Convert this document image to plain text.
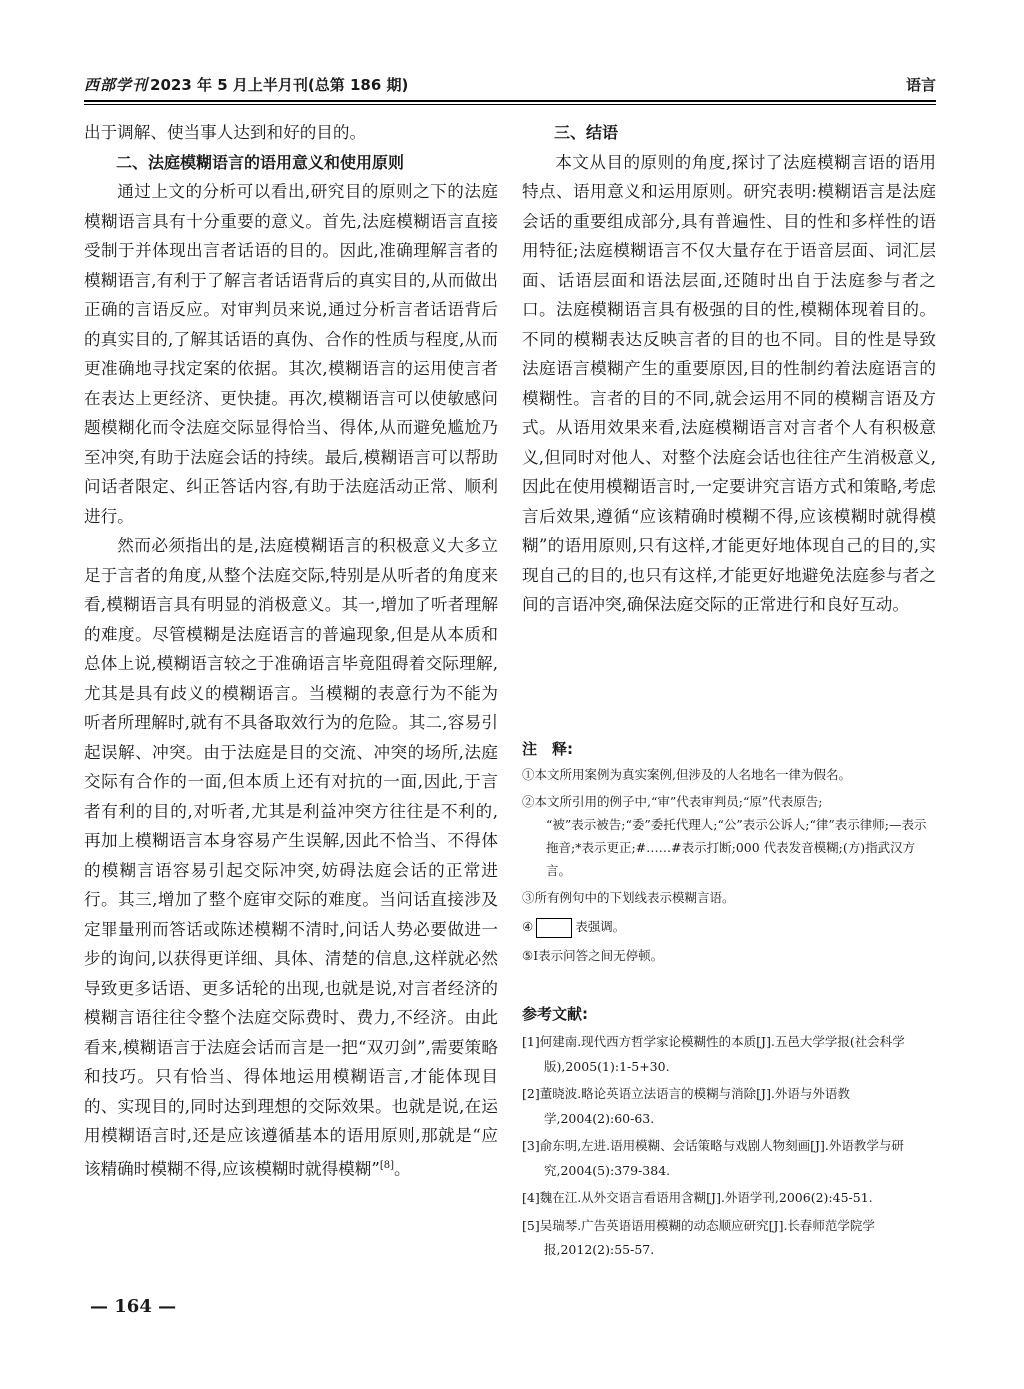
西部学刊 2023 年 5 月上半月刊(总第 186 期)	语言

出于调解、使当事人达到和好的目的。

二、法庭模糊语言的语用意义和使用原则

通过上文的分析可以看出,研究目的原则之下的法庭模糊语言具有十分重要的意义。首先,法庭模糊语言直接受制于并体现出言者话语的目的。因此,准确理解言者的模糊语言,有利于了解言者话语背后的真实目的,从而做出正确的言语反应。对审判员来说,通过分析言者话语背后的真实目的,了解其话语的真伪、合作的性质与程度,从而更准确地寻找定案的依据。其次,模糊语言的运用使言者在表达上更经济、更快捷。再次,模糊语言可以使敏感问题模糊化而令法庭交际显得恰当、得体,从而避免尴尬乃至冲突,有助于法庭会话的持续。最后,模糊语言可以帮助问话者限定、纠正答话内容,有助于法庭活动正常、顺利进行。

然而必须指出的是,法庭模糊语言的积极意义大多立足于言者的角度,从整个法庭交际,特别是从听者的角度来看,模糊语言具有明显的消极意义。其一,增加了听者理解的难度。尽管模糊是法庭语言的普遍现象,但是从本质和总体上说,模糊语言较之于准确语言毕竟阻碍着交际理解,尤其是具有歧义的模糊语言。当模糊的表意行为不能为听者所理解时,就有不具备取效行为的危险。其二,容易引起误解、冲突。由于法庭是目的交流、冲突的场所,法庭交际有合作的一面,但本质上还有对抗的一面,因此,于言者有利的目的,对听者,尤其是利益冲突方往往是不利的,再加上模糊语言本身容易产生误解,因此不恰当、不得体的模糊言语容易引起交际冲突,妨碍法庭会话的正常进行。其三,增加了整个庭审交际的难度。当问话直接涉及定罪量刑而答话或陈述模糊不清时,问话人势必要做进一步的询问,以获得更详细、具体、清楚的信息,这样就必然导致更多话语、更多话轮的出现,也就是说,对言者经济的模糊言语往往令整个法庭交际费时、费力,不经济。由此看来,模糊语言于法庭会话而言是一把“双刃剑”,需要策略和技巧。只有恰当、得体地运用模糊语言,才能体现目的、实现目的,同时达到理想的交际效果。也就是说,在运用模糊语言时,还是应该遵循基本的语用原则,那就是“应该精确时模糊不得,应该模糊时就得模糊”[8]。

三、结语

本文从目的原则的角度,探讨了法庭模糊言语的语用特点、语用意义和运用原则。研究表明:模糊语言是法庭会话的重要组成部分,具有普遍性、目的性和多样性的语用特征;法庭模糊语言不仅大量存在于语音层面、词汇层面、话语层面和语法层面,还随时出自于法庭参与者之口。法庭模糊语言具有极强的目的性,模糊体现着目的。不同的模糊表达反映言者的目的也不同。目的性是导致法庭语言模糊产生的重要原因,目的性制约着法庭语言的模糊性。言者的目的不同,就会运用不同的模糊言语及方式。从语用效果来看,法庭模糊语言对言者个人有积极意义,但同时对他人、对整个法庭会话也往往产生消极意义,因此在使用模糊语言时,一定要讲究言语方式和策略,考虑言后效果,遵循“应该精确时模糊不得,应该模糊时就得模糊”的语用原则,只有这样,才能更好地体现自己的目的,实现自己的目的,也只有这样,才能更好地避免法庭参与者之间的言语冲突,确保法庭交际的正常进行和良好互动。

注　释:

①本文所用案例为真实案例,但涉及的人名地名一律为假名。

②本文所引用的例子中,“审”代表审判员;“原”代表原告;

“被”表示被告;“委”委托代理人;“公”表示公诉人;“律”表示律师;—表示拖音;*表示更正;#……#表示打断;000 代表发音模糊;(方)指武汉方言。

③所有例句中的下划线表示模糊言语。

④	表强调。

⑤Ⅰ表示问答之间无停顿。

参考文献:

[1]何建南.现代西方哲学家论模糊性的本质[J].五邑大学学报(社会科学版),2005(1):1-5+30.

[2]董晓波.略论英语立法语言的模糊与消除[J].外语与外语教学,2004(2):60-63.

[3]俞东明,左进.语用模糊、会话策略与戏剧人物刻画[J].外语教学与研究,2004(5):379-384.

[4]魏在江.从外交语言看语用含糊[J].外语学刊,2006(2):45-51.

[5]吴瑞琴.广告英语语用模糊的动态顺应研究[J].长春师范学院学报,2012(2):55-57.

— 164 —
